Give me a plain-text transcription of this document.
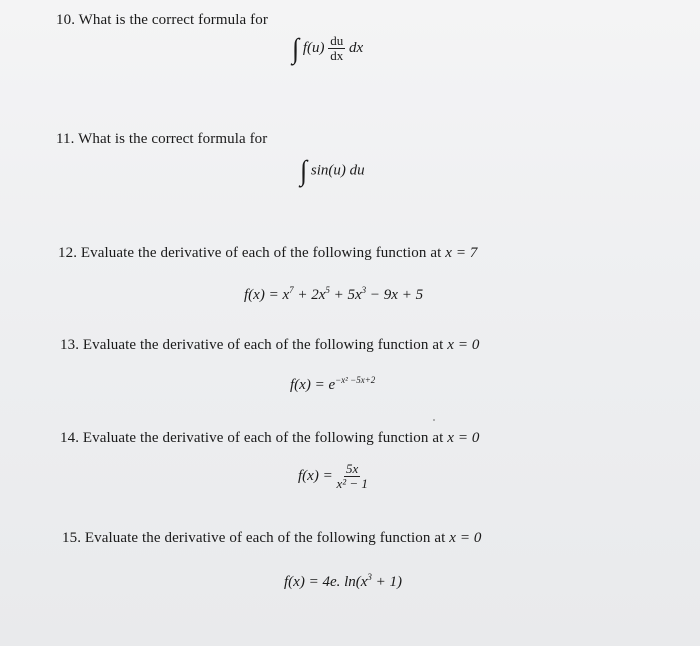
10. What is the correct formula for
∫ $f(u) \frac{du}{dx}$ dx
11. What is the correct formula for
∫ sin(u) du
12. Evaluate the derivative of each of the following function at x = 7
$f(x) = x^7 + 2x^5 + 5x^3 - 9x + 5$
13. Evaluate the derivative of each of the following function at x = 0
$f(x) = e^{-x^2 -5x+2}$
14. Evaluate the derivative of each of the following function at x = 0
$f(x) = \frac{5x}{\text{x² − 1}}$
15. Evaluate the derivative of each of the following function at x = 0
f(x) = 4e. $\ln(x^3 + 1)$
